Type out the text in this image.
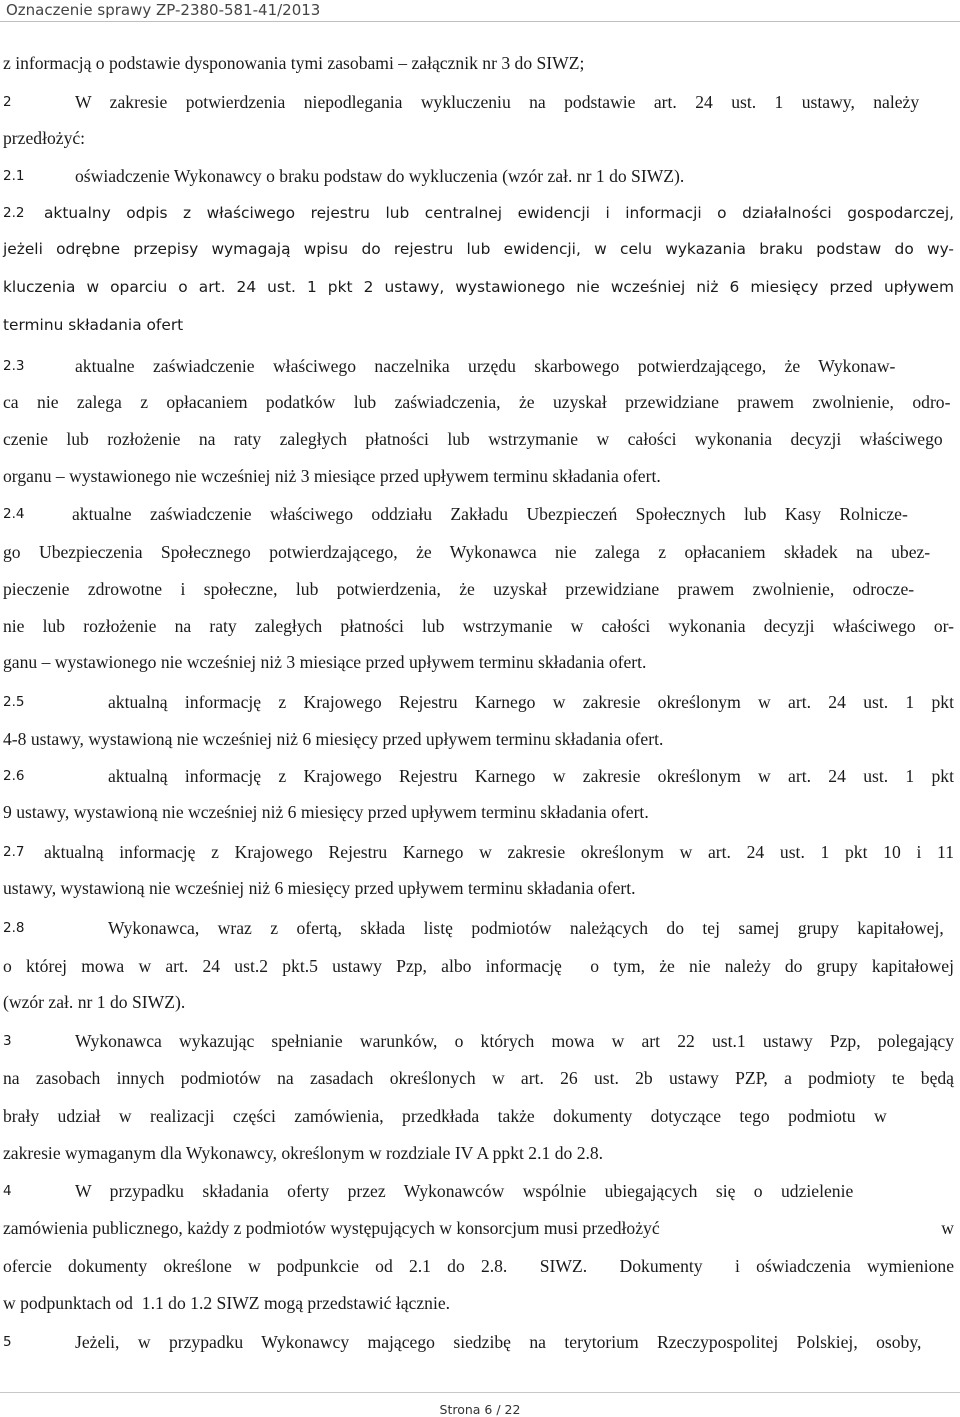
Oznaczenie sprawy ZP-2380-581-41/2013
z informacją o podstawie dysponowania tymi zasobami – załącznik nr 3 do SIWZ;
2	W zakresie potwierdzenia niepodlegania wykluczeniu na podstawie art. 24 ust. 1 ustawy, należy
przedłożyć:
2.1	oświadczenie Wykonawcy o braku podstaw do wykluczenia (wzór zał. nr 1 do SIWZ).
2.2 aktualny odpis z właściwego rejestru lub centralnej ewidencji i informacji o działalności gospodarczej,
jeżeli odrębne przepisy wymagają wpisu do rejestru lub ewidencji, w celu wykazania braku podstaw do wy-
kluczenia w oparciu o art. 24 ust. 1 pkt 2 ustawy, wystawionego nie wcześniej niż 6 miesięcy przed upływem
terminu składania ofert
2.3	aktualne zaświadczenie właściwego naczelnika urzędu skarbowego potwierdzającego, że Wykonaw-
ca nie zalega z opłacaniem podatków lub zaświadczenia, że uzyskał przewidziane prawem zwolnienie, odro-
czenie lub rozłożenie na raty zaległych płatności lub wstrzymanie w całości wykonania decyzji właściwego
organu – wystawionego nie wcześniej niż 3 miesiące przed upływem terminu składania ofert.
2.4	aktualne zaświadczenie właściwego oddziału Zakładu Ubezpieczeń Społecznych lub Kasy Rolnicze-
go Ubezpieczenia Społecznego potwierdzającego, że Wykonawca nie zalega z opłacaniem składek na ubez-
pieczenie zdrowotne i społeczne, lub potwierdzenia, że uzyskał przewidziane prawem zwolnienie, odrocze-
nie lub rozłożenie na raty zaległych płatności lub wstrzymanie w całości wykonania decyzji właściwego or-
ganu – wystawionego nie wcześniej niż 3 miesiące przed upływem terminu składania ofert.
2.5	aktualną informację z Krajowego Rejestru Karnego w zakresie określonym w art. 24 ust. 1 pkt
4-8 ustawy, wystawioną nie wcześniej niż 6 miesięcy przed upływem terminu składania ofert.
2.6	aktualną informację z Krajowego Rejestru Karnego w zakresie określonym w art. 24 ust. 1 pkt
9 ustawy, wystawioną nie wcześniej niż 6 miesięcy przed upływem terminu składania ofert.
2.7 aktualną informację z Krajowego Rejestru Karnego w zakresie określonym w art. 24 ust. 1 pkt 10 i 11
ustawy, wystawioną nie wcześniej niż 6 miesięcy przed upływem terminu składania ofert.
2.8	Wykonawca, wraz z ofertą, składa listę podmiotów należących do tej samej grupy kapitałowej,
o której mowa w art. 24 ust.2 pkt.5 ustawy Pzp, albo informację  o tym, że nie należy do grupy kapitałowej
(wzór zał. nr 1 do SIWZ).
3	Wykonawca wykazując spełnianie warunków, o których mowa w art 22 ust.1 ustawy Pzp, polegający
na zasobach innych podmiotów na zasadach określonych w art. 26 ust. 2b ustawy PZP, a podmioty te będą
brały udział w realizacji części zamówienia, przedkłada także dokumenty dotyczące tego podmiotu w
zakresie wymaganym dla Wykonawcy, określonym w rozdziale IV A ppkt 2.1 do 2.8.
4	W przypadku składania oferty przez Wykonawców wspólnie ubiegających się o udzielenie
zamówienia publicznego, każdy z podmiotów występujących w konsorcjum musi przedłożyć	w
ofercie dokumenty określone w podpunkcie od 2.1 do 2.8.  SIWZ.  Dokumenty  i oświadczenia wymienione
w podpunktach od  1.1 do 1.2 SIWZ mogą przedstawić łącznie.
5	Jeżeli, w przypadku Wykonawcy mającego siedzibę na terytorium Rzeczypospolitej Polskiej, osoby,
Strona 6 / 22
